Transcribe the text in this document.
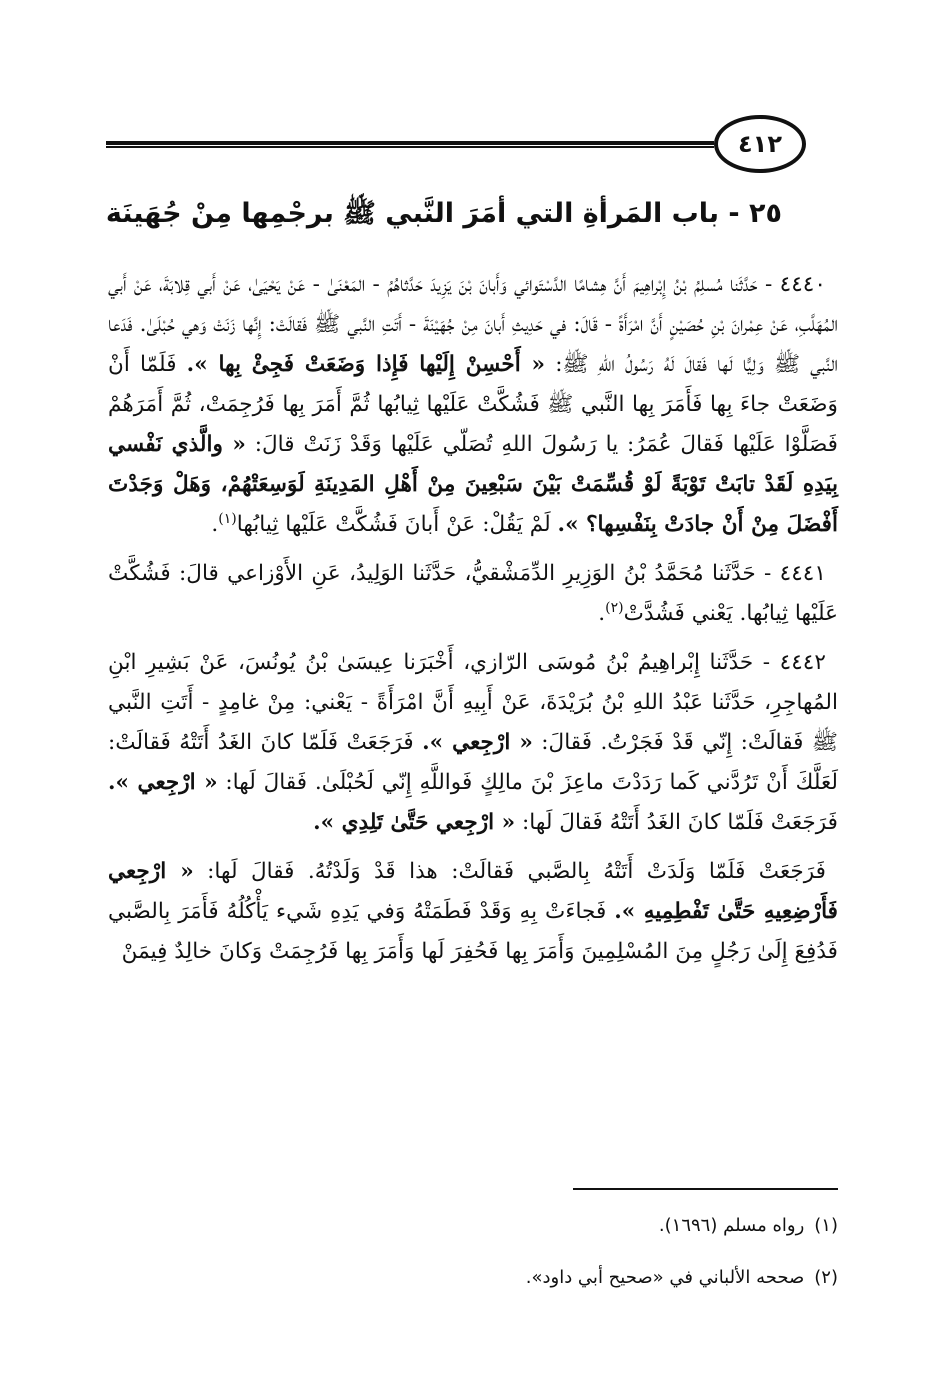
٤١٢
٢٥ - باب المَرأةِ التي أمَرَ النَّبي ﷺ برجْمِها مِنْ جُهَينَة

٤٤٤٠ - حَدَّثَنا مُسلِمُ بْنُ إِبْراهِيمَ أَنَّ هِشامًا الدَّسْتَوائي وَأَبانَ بْنَ يَزِيدَ حَدَّثاهُمُ - المَعْنَىٰ - عَنْ يَحْيَىٰ، عَنْ أَبي قِلابَةَ، عَنْ أَبي المُهَلَّبِ، عَنْ عِمْرانَ بْنِ حُصَيْنٍ أَنَّ امْرَأَةً - قَالَ: في حَدِيثِ أَبانَ مِنْ جُهَيْنَةَ - أَتَتِ النَّبي ﷺ فَقالَتْ: إِنَّها زَنَتْ وَهي حُبْلَىٰ. فَدَعا النَّبي ﷺ وَلِيًّا لَها فَقالَ لَهُ رَسُولُ اللهِ ﷺ: « أَحْسِنْ إِلَيْها فَإِذا وَضَعَتْ فَجِئْ بِها ». فَلَمّا أَنْ وَضَعَتْ جاءَ بِها فَأَمَرَ بِها النَّبي ﷺ فَشُكَّتْ عَلَيْها ثِيابُها ثُمَّ أَمَرَ بِها فَرُجِمَتْ، ثُمَّ أَمَرَهُمْ فَصَلَّوْا عَلَيْها فَقالَ عُمَرُ: يا رَسُولَ اللهِ تُصَلّي عَلَيْها وَقَدْ زَنَتْ قالَ: « والَّذي نَفْسي بِيَدِهِ لَقَدْ تابَتْ تَوْبَةً لَوْ قُسِّمَتْ بَيْنَ سَبْعِينَ مِنْ أَهْلِ المَدِينَةِ لَوَسِعَتْهُمْ، وَهَلْ وَجَدْتَ أَفْضَلَ مِنْ أَنْ جادَتْ بِنَفْسِها؟ ». لَمْ يَقُلْ: عَنْ أَبانَ فَشُكَّتْ عَلَيْها ثِيابُها$^{(١)}$.

٤٤٤١ - حَدَّثَنا مُحَمَّدُ بْنُ الوَزِيرِ الدِّمَشْقيُّ، حَدَّثَنا الوَلِيدُ، عَنِ الأَوْزاعي قالَ: فَشُكَّتْ عَلَيْها ثِيابُها. يَعْني فَشُدَّتْ$^{(٢)}$.

٤٤٤٢ - حَدَّثَنا إِبْراهِيمُ بْنُ مُوسَى الرّازي، أَخْبَرَنا عِيسَىٰ بْنُ يُونُسَ، عَنْ بَشِيرِ ابْنِ المُهاجِرِ، حَدَّثَنا عَبْدُ اللهِ بْنُ بُرَيْدَةَ، عَنْ أَبِيهِ أَنَّ امْرَأَةً - يَعْني: مِنْ غامِدٍ - أَتَتِ النَّبي ﷺ فَقالَتْ: إِنّي قَدْ فَجَرْتُ. فَقالَ: « ارْجِعي ». فَرَجَعَتْ فَلَمّا كانَ الغَدُ أَتَتْهُ فَقالَتْ: لَعَلَّكَ أَنْ تَرُدَّني كَما رَدَدْتَ ماعِزَ بْنَ مالِكٍ فَواللَّهِ إِنّي لَحُبْلَىٰ. فَقالَ لَها: « ارْجِعي ». فَرَجَعَتْ فَلَمّا كانَ الغَدُ أَتَتْهُ فَقالَ لَها: « ارْجِعي حَتَّىٰ تَلِدِي ».

فَرَجَعَتْ فَلَمّا وَلَدَتْ أَتَتْهُ بِالصَّبي فَقالَتْ: هذا قَدْ وَلَدْتُهُ. فَقالَ لَها: « ارْجِعي فَأَرْضِعِيهِ حَتَّىٰ تَفْطِمِيهِ ». فَجاءَتْ بِهِ وَقَدْ فَطَمَتْهُ وَفي يَدِهِ شَيء يَأْكُلُهُ فَأَمَرَ بِالصَّبي فَدُفِعَ إِلَىٰ رَجُلٍ مِنَ المُسْلِمِينَ وَأَمَرَ بِها فَحُفِرَ لَها وَأَمَرَ بِها فَرُجِمَتْ وَكانَ خالِدٌ فِيمَنْ

(١)رواه مسلم (١٦٩٦).
(٢)صححه الألباني في «صحيح أبي داود».
